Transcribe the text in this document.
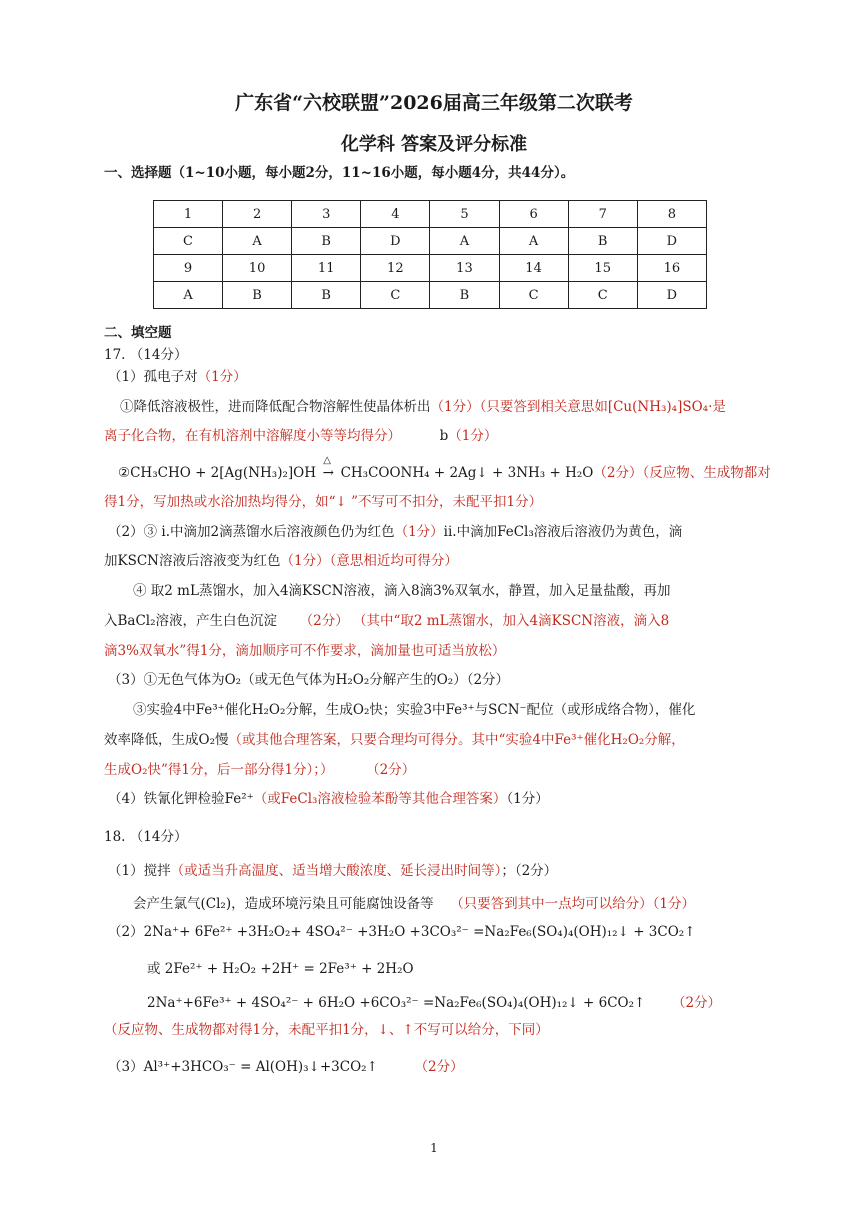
广东省“六校联盟”2026届高三年级第二次联考
化学科 答案及评分标准
一、选择题（1~10小题，每小题2分，11~16小题，每小题4分，共44分）。
1	2	3	4	5	6	7	8
C	A	B	D	A	A	B	D
9	10	11	12	13	14	15	16
A	B	B	C	B	C	C	D
二、填空题
17. （14分）
（1）孤电子对（1分）
①降低溶液极性，进而降低配合物溶解性使晶体析出（1分）（只要答到相关意思如[Cu(NH₃)₄]SO₄·是
离子化合物，在有机溶剂中溶解度小等等均得分）	b（1分）
②CH₃CHO + 2[Ag(NH₃)₂]OH
△
→ CH₃COONH₄ + 2Ag↓ + 3NH₃ + H₂O（2分）（反应物、生成物都对
得1分，写加热或水浴加热均得分，如“↓ ”不写可不扣分，未配平扣1分）
（2）③ i.中滴加2滴蒸馏水后溶液颜色仍为红色（1分）ii.中滴加FeCl₃溶液后溶液仍为黄色，滴
加KSCN溶液后溶液变为红色（1分）（意思相近均可得分）
④ 取2 mL蒸馏水，加入4滴KSCN溶液，滴入8滴3%双氧水，静置，加入足量盐酸，再加
入BaCl₂溶液，产生白色沉淀 （2分） （其中“取2 mL蒸馏水，加入4滴KSCN溶液，滴入8
滴3%双氧水”得1分，滴加顺序可不作要求，滴加量也可适当放松）
（3）①无色气体为O₂（或无色气体为H₂O₂分解产生的O₂）（2分）
③实验4中Fe³⁺催化H₂O₂分解，生成O₂快；实验3中Fe³⁺与SCN⁻配位（或形成络合物），催化
效率降低，生成O₂慢（或其他合理答案，只要合理均可得分。其中“实验4中Fe³⁺催化H₂O₂分解，
生成O₂快”得1分，后一部分得1分）；） （2分）
（4）铁氰化钾检验Fe²⁺（或FeCl₃溶液检验苯酚等其他合理答案）（1分）
18. （14分）
（1）搅拌（或适当升高温度、适当增大酸浓度、延长浸出时间等）；（2分）
会产生氯气(Cl₂)，造成环境污染且可能腐蚀设备等 （只要答到其中一点均可以给分）（1分）
（2）2Na⁺+ 6Fe²⁺ +3H₂O₂+ 4SO₄²⁻ +3H₂O +3CO₃²⁻ =Na₂Fe₆(SO₄)₄(OH)₁₂↓ + 3CO₂↑
或 2Fe²⁺ + H₂O₂ +2H⁺ = 2Fe³⁺ + 2H₂O
2Na⁺+6Fe³⁺ + 4SO₄²⁻ + 6H₂O +6CO₃²⁻ =Na₂Fe₆(SO₄)₄(OH)₁₂↓ + 6CO₂↑ （2分）
（反应物、生成物都对得1分，未配平扣1分，↓、↑不写可以给分，下同）
（3）Al³⁺+3HCO₃⁻ = Al(OH)₃↓+3CO₂↑	（2分）
1
